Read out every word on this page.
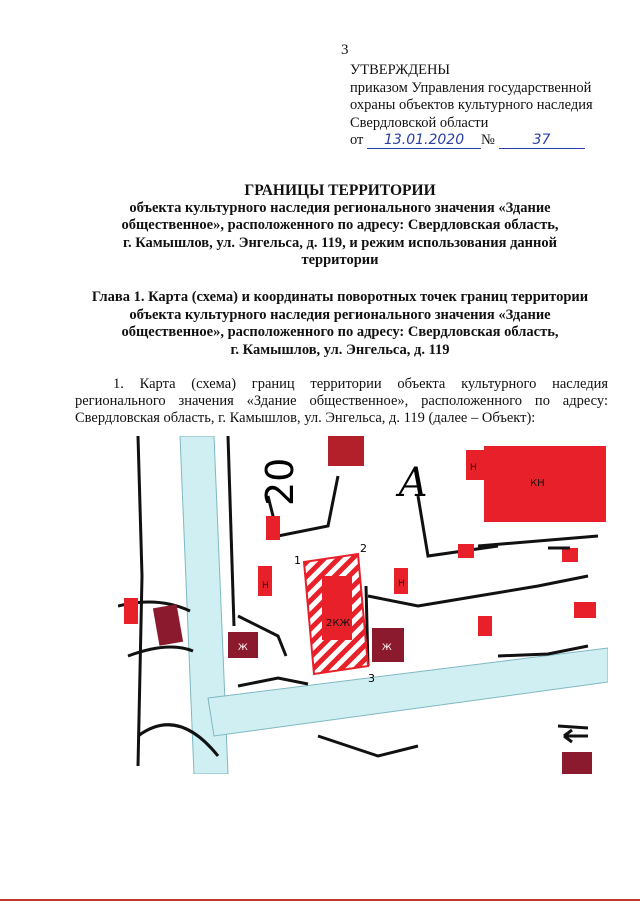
3
УТВЕРЖДЕНЫ
приказом Управления государственной
охраны объектов культурного наследия
Свердловской области
от 13.01.2020 №	37
ГРАНИЦЫ ТЕРРИТОРИИ
объекта культурного наследия регионального значения «Здание
общественное», расположенного по адресу: Свердловская область,
г. Камышлов, ул. Энгельса, д. 119, и режим использования данной
территории
Глава 1. Карта (схема) и координаты поворотных точек границ территории
объекта культурного наследия регионального значения «Здание
общественное», расположенного по адресу: Свердловская область,
г. Камышлов, ул. Энгельса, д. 119
1. Карта (схема) границ территории объекта культурного наследия регионального значения «Здание общественное», расположенного по адресу: Свердловская область, г. Камышлов, ул. Энгельса, д. 119 (далее – Объект):
20 А
2КЖ
КН
Н
Н	Н
Ж	Ж
1
2
3
